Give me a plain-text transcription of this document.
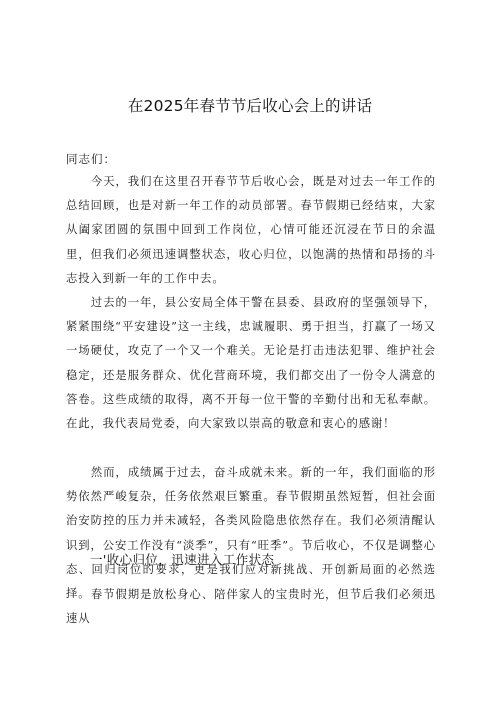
在2025年春节节后收心会上的讲话
同志们：

今天，我们在这里召开春节节后收心会，既是对过去一年工作的总结回顾，也是对新一年工作的动员部署。春节假期已经结束，大家从阖家团圆的氛围中回到工作岗位，心情可能还沉浸在节日的余温里，但我们必须迅速调整状态，收心归位，以饱满的热情和昂扬的斗志投入到新一年的工作中去。

过去的一年，县公安局全体干警在县委、县政府的坚强领导下，紧紧围绕“平安建设”这一主线，忠诚履职、勇于担当，打赢了一场又一场硬仗，攻克了一个又一个难关。无论是打击违法犯罪、维护社会稳定，还是服务群众、优化营商环境，我们都交出了一份令人满意的答卷。这些成绩的取得，离不开每一位干警的辛勤付出和无私奉献。在此，我代表局党委，向大家致以崇高的敬意和衷心的感谢！

然而，成绩属于过去，奋斗成就未来。新的一年，我们面临的形势依然严峻复杂，任务依然艰巨繁重。春节假期虽然短暂，但社会面治安防控的压力并未减轻，各类风险隐患依然存在。我们必须清醒认识到，公安工作没有“淡季”，只有“旺季”。节后收心，不仅是调整心态、回归岗位的要求，更是我们应对新挑战、开创新局面的必然选择。

一'收心归位，迅速进入工作状态

春节假期是放松身心、陪伴家人的宝贵时光，但节后我们必须迅速从
